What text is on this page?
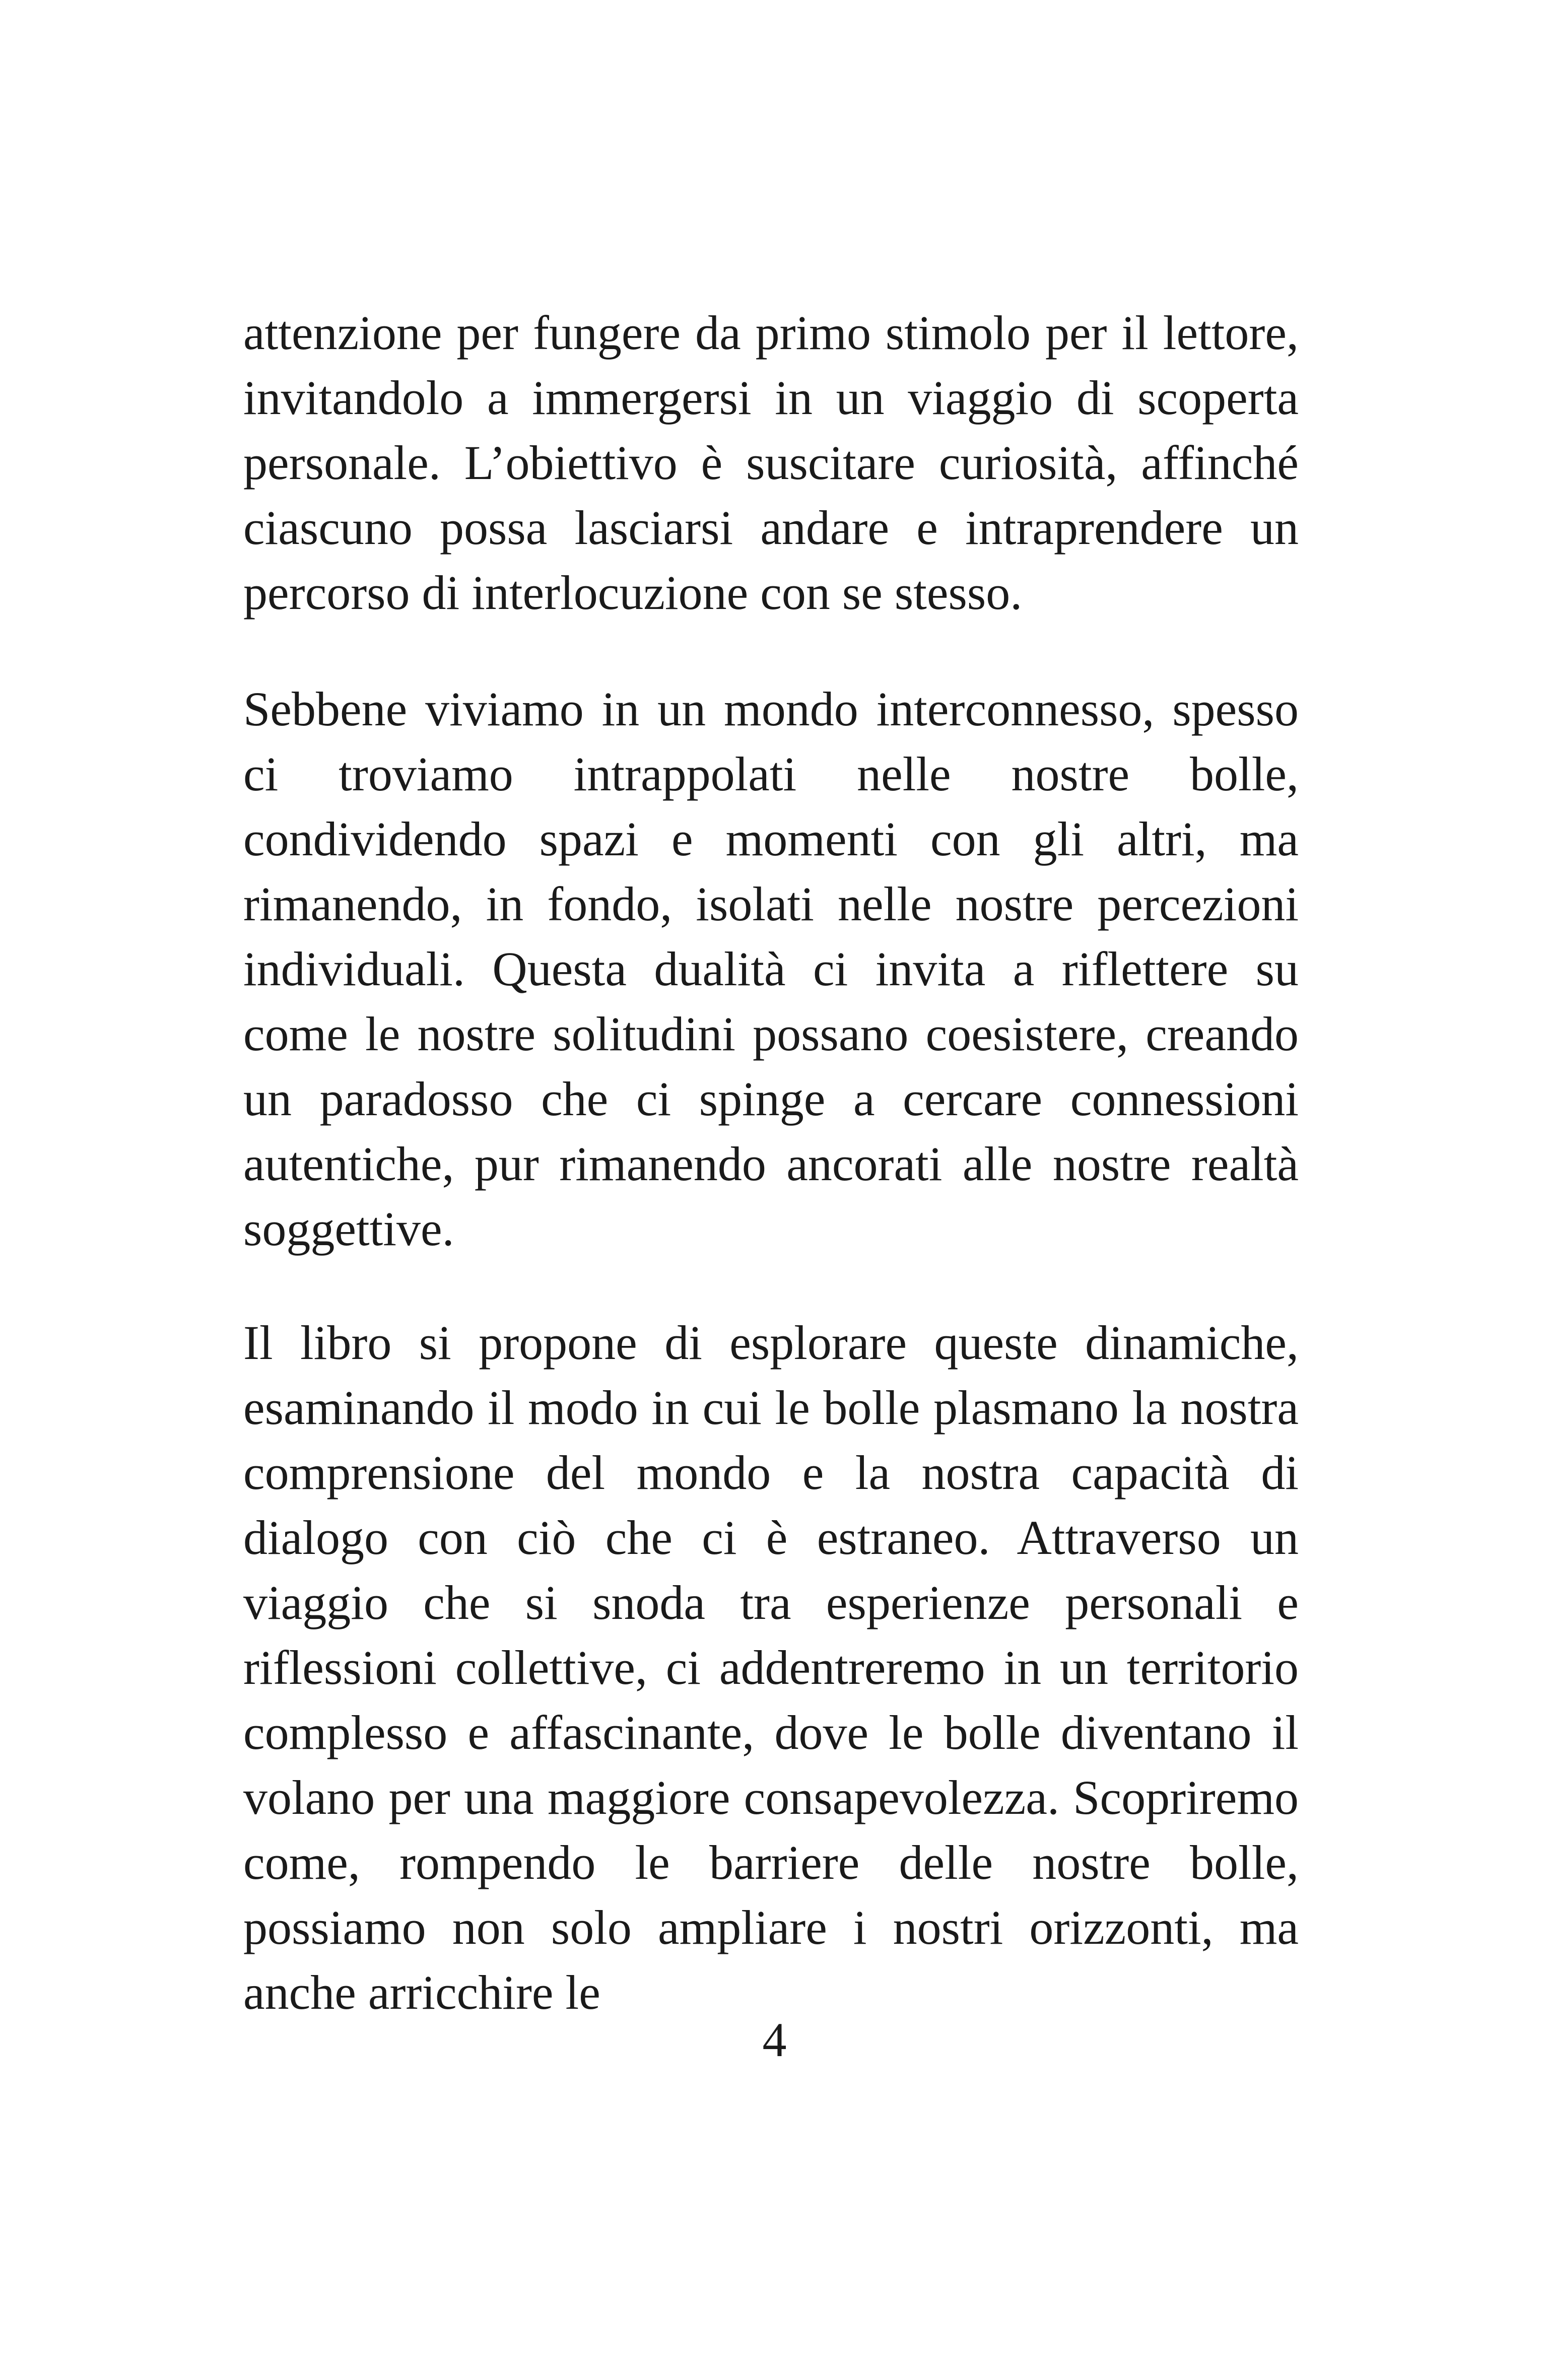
attenzione per fungere da primo stimolo per il lettore, invitandolo a immergersi in un viaggio di scoperta personale. L’obiettivo è suscitare curiosità, affinché ciascuno possa lasciarsi andare e intraprendere un percorso di interlocuzione con se stesso.

Sebbene viviamo in un mondo interconnesso, spesso ci troviamo intrappolati nelle nostre bolle, condividendo spazi e momenti con gli altri, ma rimanendo, in fondo, isolati nelle nostre percezioni individuali. Questa dualità ci invita a riflettere su come le nostre solitudini possano coesistere, creando un paradosso che ci spinge a cercare connessioni autentiche, pur rimanendo ancorati alle nostre realtà soggettive.

Il libro si propone di esplorare queste dinamiche, esaminando il modo in cui le bolle plasmano la nostra comprensione del mondo e la nostra capacità di dialogo con ciò che ci è estraneo. Attraverso un viaggio che si snoda tra esperienze personali e riflessioni collettive, ci addentreremo in un territorio complesso e affascinante, dove le bolle diventano il volano per una maggiore consapevolezza. Scopriremo come, rompendo le barriere delle nostre bolle, possiamo non solo ampliare i nostri orizzonti, ma anche arricchire le

4
